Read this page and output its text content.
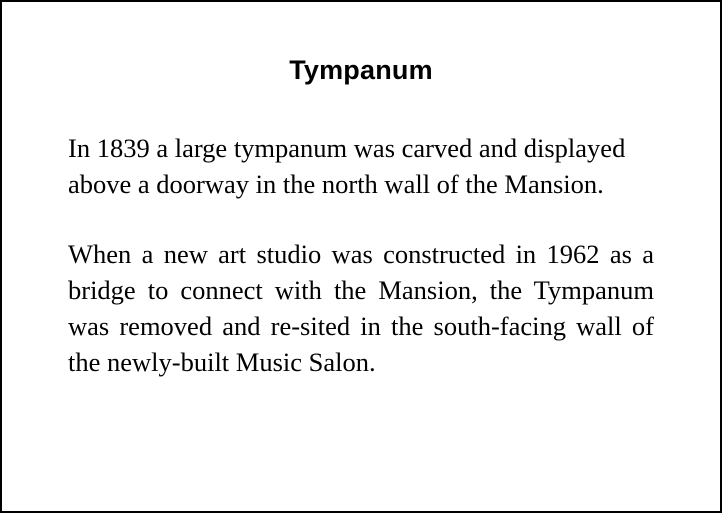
Tympanum

In 1839 a large tympanum was carved and displayed above a doorway in the north wall of the Mansion.

When a new art studio was constructed in 1962 as a bridge to connect with the Mansion, the Tympanum was removed and re-sited in the south-facing wall of the newly-built Music Salon.
